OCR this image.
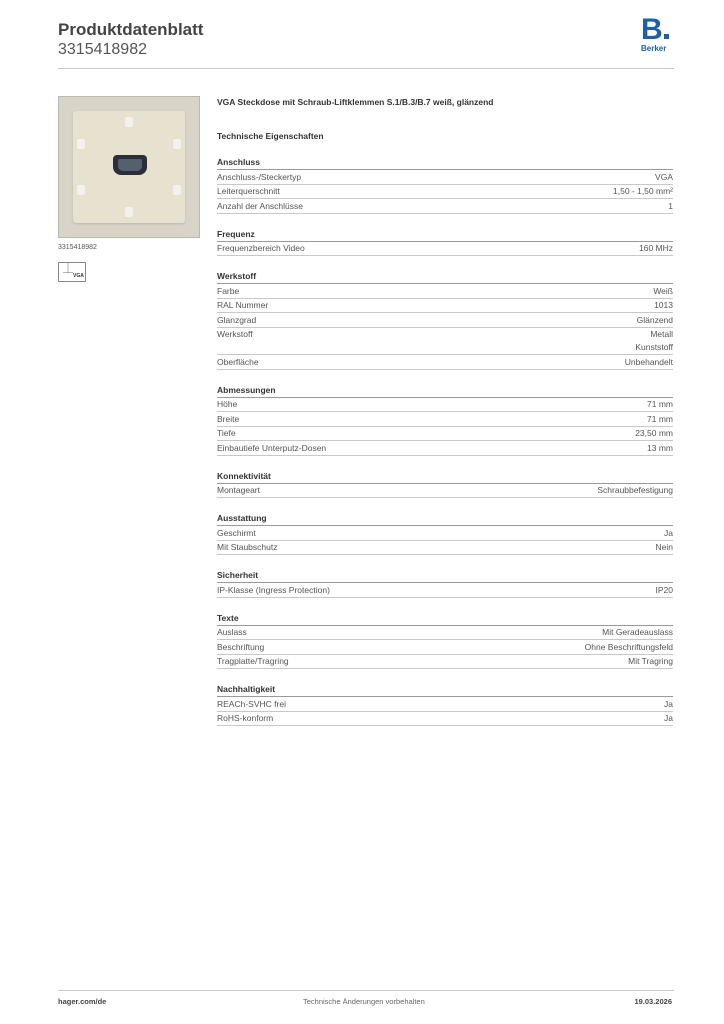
Produktdatenblatt
3315418982
B
Berker
3315418982
⏊
VGA
VGA Steckdose mit Schraub-Liftklemmen S.1/B.3/B.7 weiß, glänzend
Technische Eigenschaften
Anschluss
Anschluss-/Steckertyp	VGA
Leiterquerschnitt	1,50 - 1,50 mm²
Anzahl der Anschlüsse	1
Frequenz
Frequenzbereich Video	160 MHz
Werkstoff
Farbe	Weiß
RAL Nummer	1013
Glanzgrad	Glänzend
Werkstoff	Metall
Kunststoff
Oberfläche	Unbehandelt
Abmessungen
Höhe	71 mm
Breite	71 mm
Tiefe	23,50 mm
Einbautiefe Unterputz-Dosen	13 mm
Konnektivität
Montageart	Schraubbefestigung
Ausstattung
Geschirmt	Ja
Mit Staubschutz	Nein
Sicherheit
IP-Klasse (Ingress Protection)	IP20
Texte
Auslass	Mit Geradeauslass
Beschriftung	Ohne Beschriftungsfeld
Tragplatte/Tragring	Mit Tragring
Nachhaltigkeit
REACh-SVHC frei	Ja
RoHS-konform	Ja
hager.com/de	Technische Änderungen vorbehalten	19.03.2026
